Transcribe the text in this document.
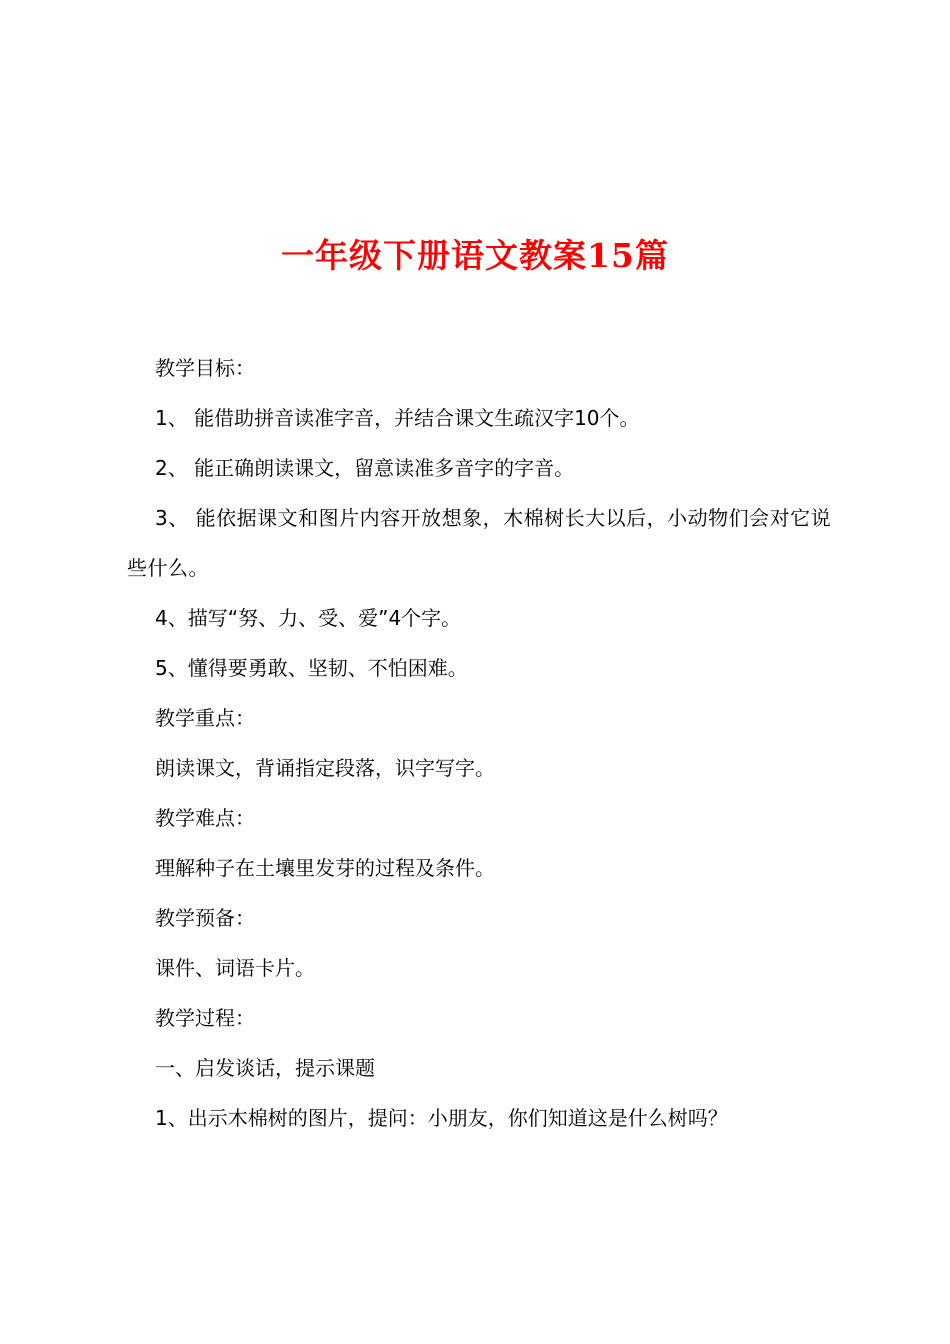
一年级下册语文教案15篇

教学目标：

1、 能借助拼音读准字音，并结合课文生疏汉字10个。

2、 能正确朗读课文，留意读准多音字的字音。

3、 能依据课文和图片内容开放想象，木棉树长大以后，小动物们会对它说些什么。

4、描写“努、力、受、爱”4个字。

5、懂得要勇敢、坚韧、不怕困难。

教学重点：

朗读课文，背诵指定段落，识字写字。

教学难点：

理解种子在土壤里发芽的过程及条件。

教学预备：

课件、词语卡片。

教学过程：

一、启发谈话，提示课题

1、出示木棉树的图片，提问：小朋友，你们知道这是什么树吗？
